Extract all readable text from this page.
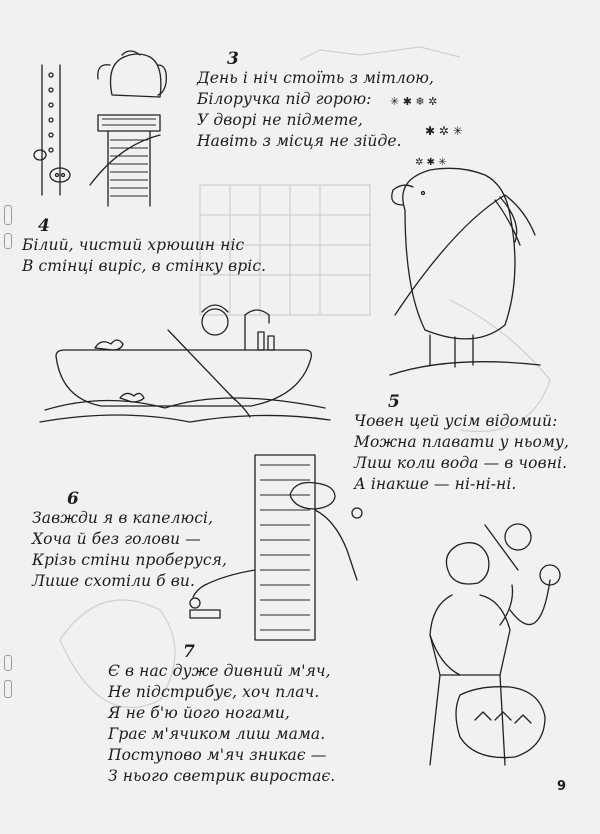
✱ ✲ ✳
✳ ✱ ❄ ✲
✲ ✱ ✳
3
День і ніч стоїть з мітлою,
Білоручка під горою:
У дворі не підмете,
Навіть з місця не зійде.
4
Білий, чистий хрюшин ніс
В стінці виріс, в стінку вріс.
5
Човен цей усім відомий:
Можна плавати у ньому,
Лиш коли вода — в човні.
А інакше — ні-ні-ні.
6
Завжди я в капелюсі,
Хоча й без голови —
Крізь стіни проберуся,
Лише схотіли б ви.
7
Є в нас дуже дивний м'яч,
Не підстрибує, хоч плач.
Я не б'ю його ногами,
Грає м'ячиком лиш мама.
Поступово м'яч зникає —
З нього светрик виростає.
9
